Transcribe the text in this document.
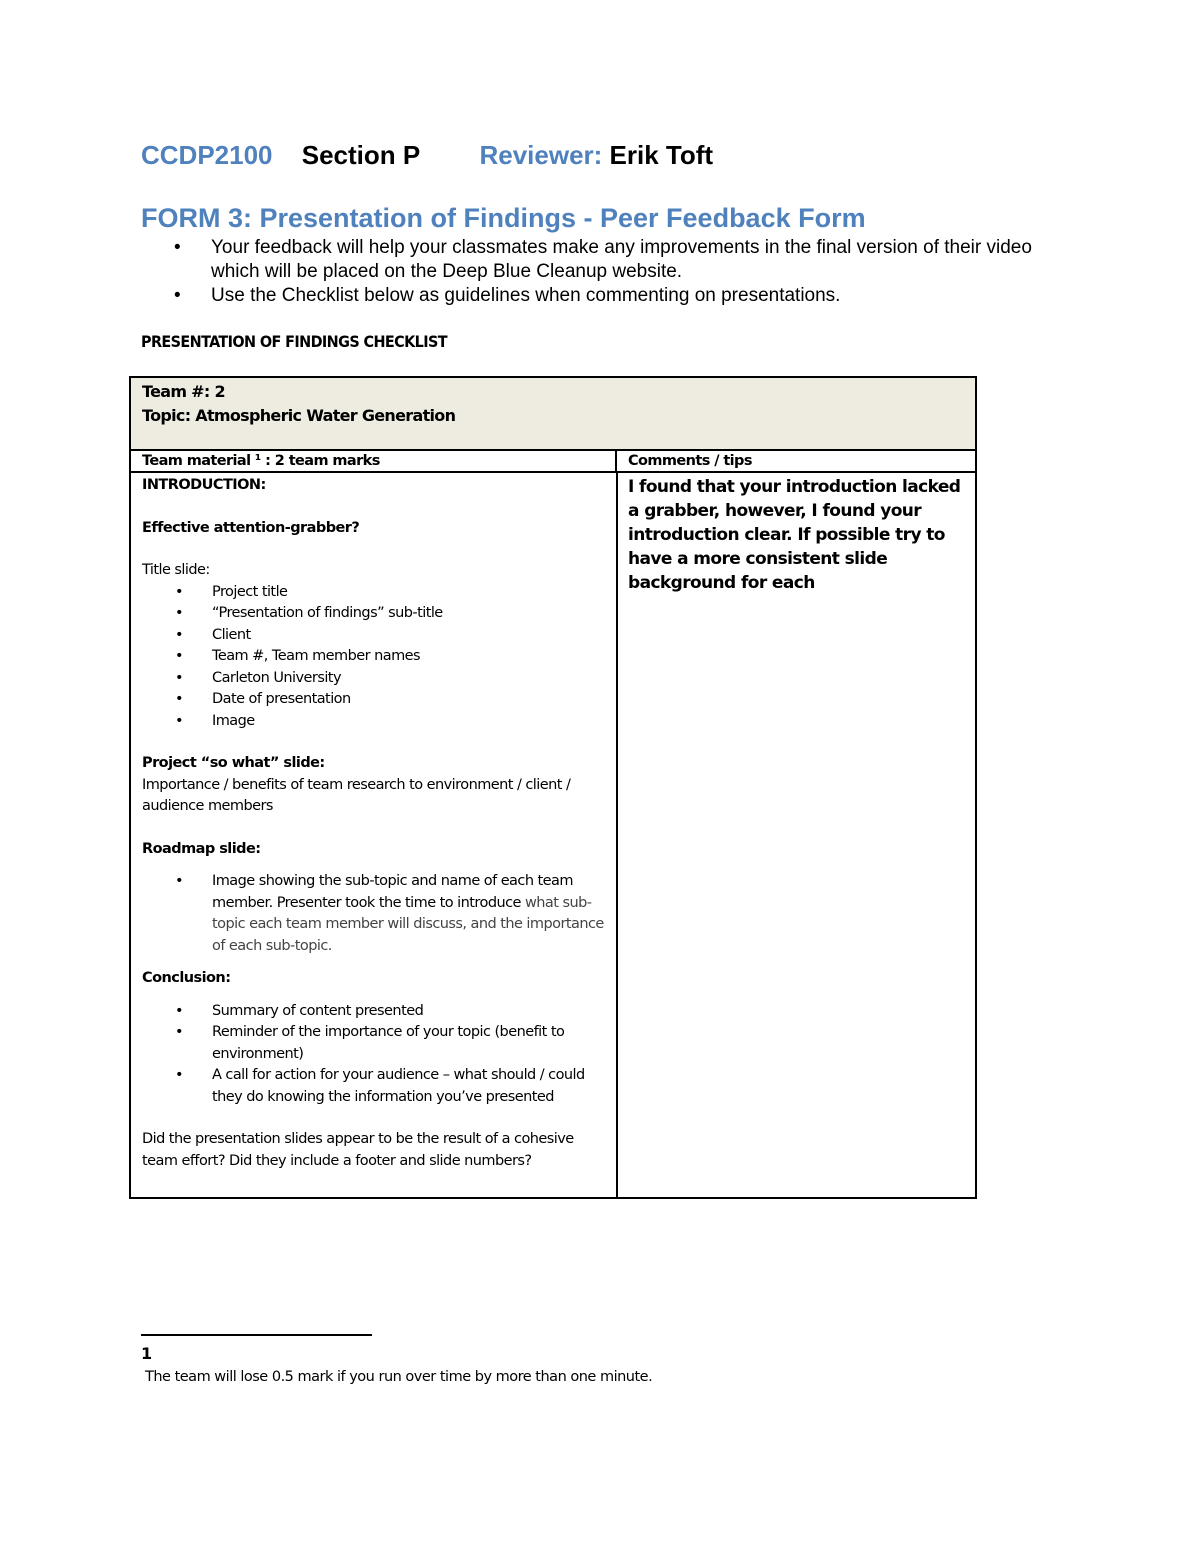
CCDP2100 Section P Reviewer: Erik Toft
FORM 3: Presentation of Findings - Peer Feedback Form
• Your feedback will help your classmates make any improvements in the final version of their video which will be placed on the Deep Blue Cleanup website.
• Use the Checklist below as guidelines when commenting on presentations.
PRESENTATION OF FINDINGS CHECKLIST
Team #: 2
Topic: Atmospheric Water Generation
Team material ¹ : 2 team marks	Comments / tips
INTRODUCTION:
Effective attention-grabber?
Title slide:
• Project title
• “Presentation of findings” sub-title
• Client
• Team #, Team member names
• Carleton University
• Date of presentation
• Image
Project “so what” slide:
Importance / benefits of team research to environment / client / audience members
Roadmap slide:
• Image showing the sub-topic and name of each team member. Presenter took the time to introduce what sub-topic each team member will discuss, and the importance of each sub-topic.
Conclusion:
• Summary of content presented
• Reminder of the importance of your topic (benefit to environment)
• A call for action for your audience – what should / could they do knowing the information you’ve presented
Did the presentation slides appear to be the result of a cohesive team effort? Did they include a footer and slide numbers?
I found that your introduction lacked a grabber, however, I found your introduction clear. If possible try to have a more consistent slide background for each
1
The team will lose 0.5 mark if you run over time by more than one minute.
